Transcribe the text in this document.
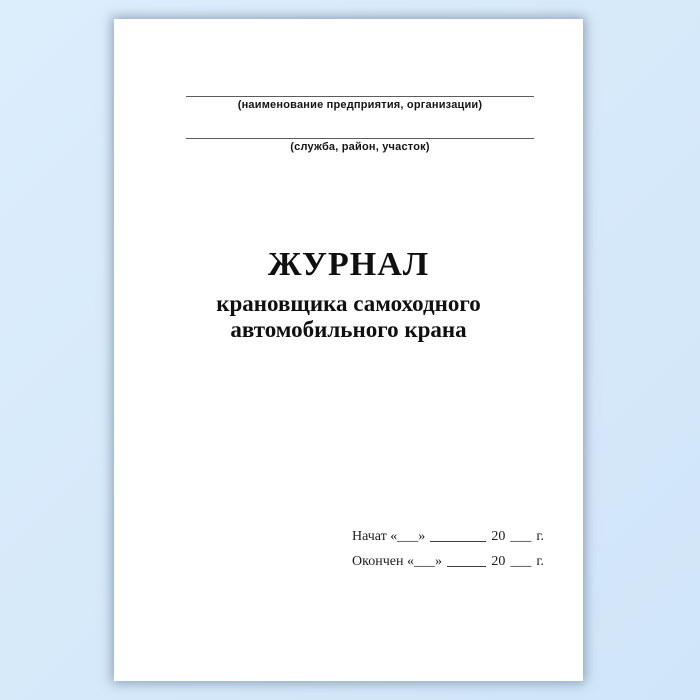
(наименование предприятия, организации)
(служба, район, участок)
ЖУРНАЛ
крановщика самоходного
автомобильного крана
Начат «___»	20 ___ г.
Окончен «___»	20 ___ г.
